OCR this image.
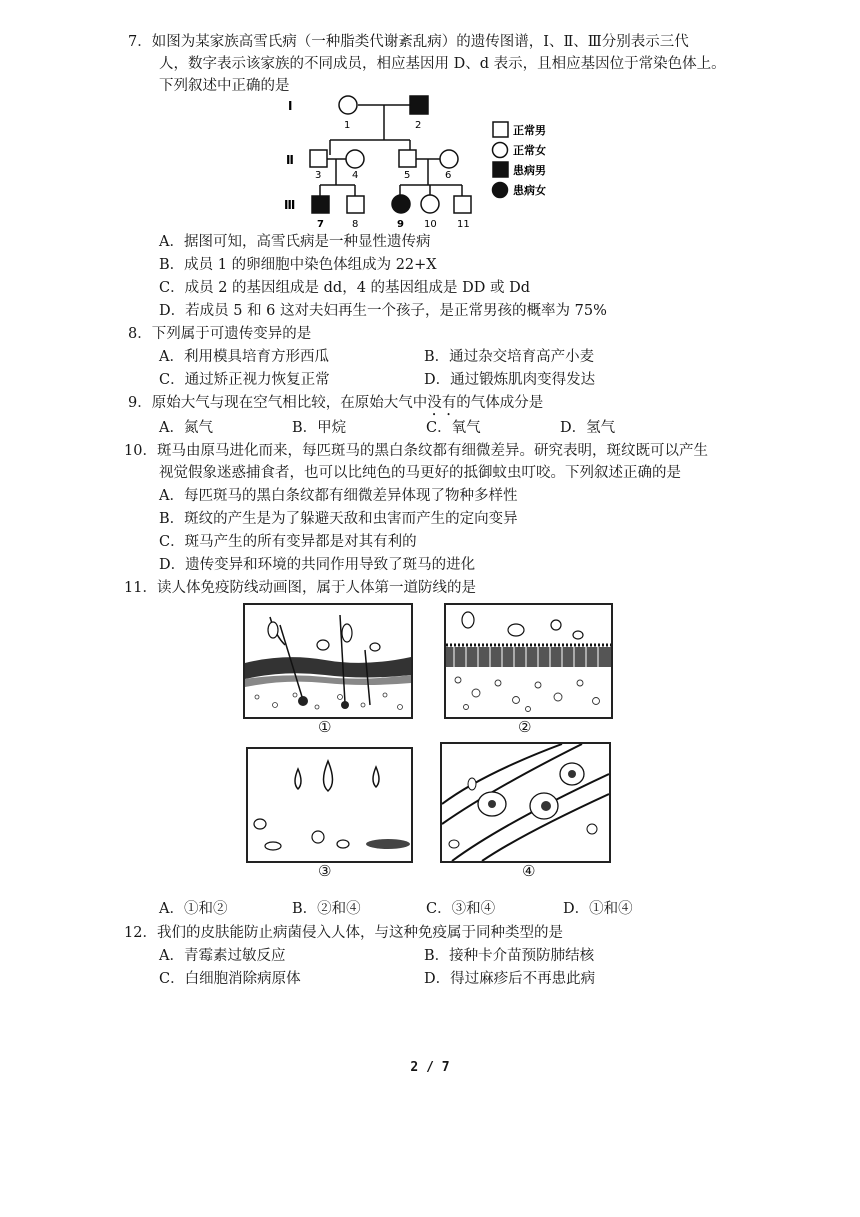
7．如图为某家族高雪氏病（一种脂类代谢紊乱病）的遗传图谱，Ⅰ、Ⅱ、Ⅲ分别表示三代
人，数字表示该家族的不同成员，相应基因用 D、d 表示，且相应基因位于常染色体上。
下列叙述中正确的是
Ⅰ
Ⅱ
Ⅲ
1	2
3	4	5	6
7	8	9 10 11
正常男
正常女
患病男
患病女
A．据图可知，高雪氏病是一种显性遗传病
B．成员 1 的卵细胞中染色体组成为 22+X
C．成员 2 的基因组成是 dd，4 的基因组成是 DD 或 Dd
D．若成员 5 和 6 这对夫妇再生一个孩子，是正常男孩的概率为 75%
8．下列属于可遗传变异的是
A．利用模具培育方形西瓜	B．通过杂交培育高产小麦
C．通过矫正视力恢复正常	D．通过锻炼肌肉变得发达
9．原始大气与现在空气相比较，在原始大气中没有的气体成分是
A．氮气	B．甲烷	C．氧气	D．氢气
10．斑马由原马进化而来，每匹斑马的黑白条纹都有细微差异。研究表明，斑纹既可以产生
视觉假象迷惑捕食者，也可以比纯色的马更好的抵御蚊虫叮咬。下列叙述正确的是
A．每匹斑马的黑白条纹都有细微差异体现了物种多样性
B．斑纹的产生是为了躲避天敌和虫害而产生的定向变异
C．斑马产生的所有变异都是对其有利的
D．遗传变异和环境的共同作用导致了斑马的进化
11．读人体免疫防线动画图，属于人体第一道防线的是
①	②
③	④
A．①和②	B．②和④	C．③和④	D．①和④
12．我们的皮肤能防止病菌侵入人体，与这种免疫属于同种类型的是
A．青霉素过敏反应	B．接种卡介苗预防肺结核
C．白细胞消除病原体	D．得过麻疹后不再患此病
2 / 7
